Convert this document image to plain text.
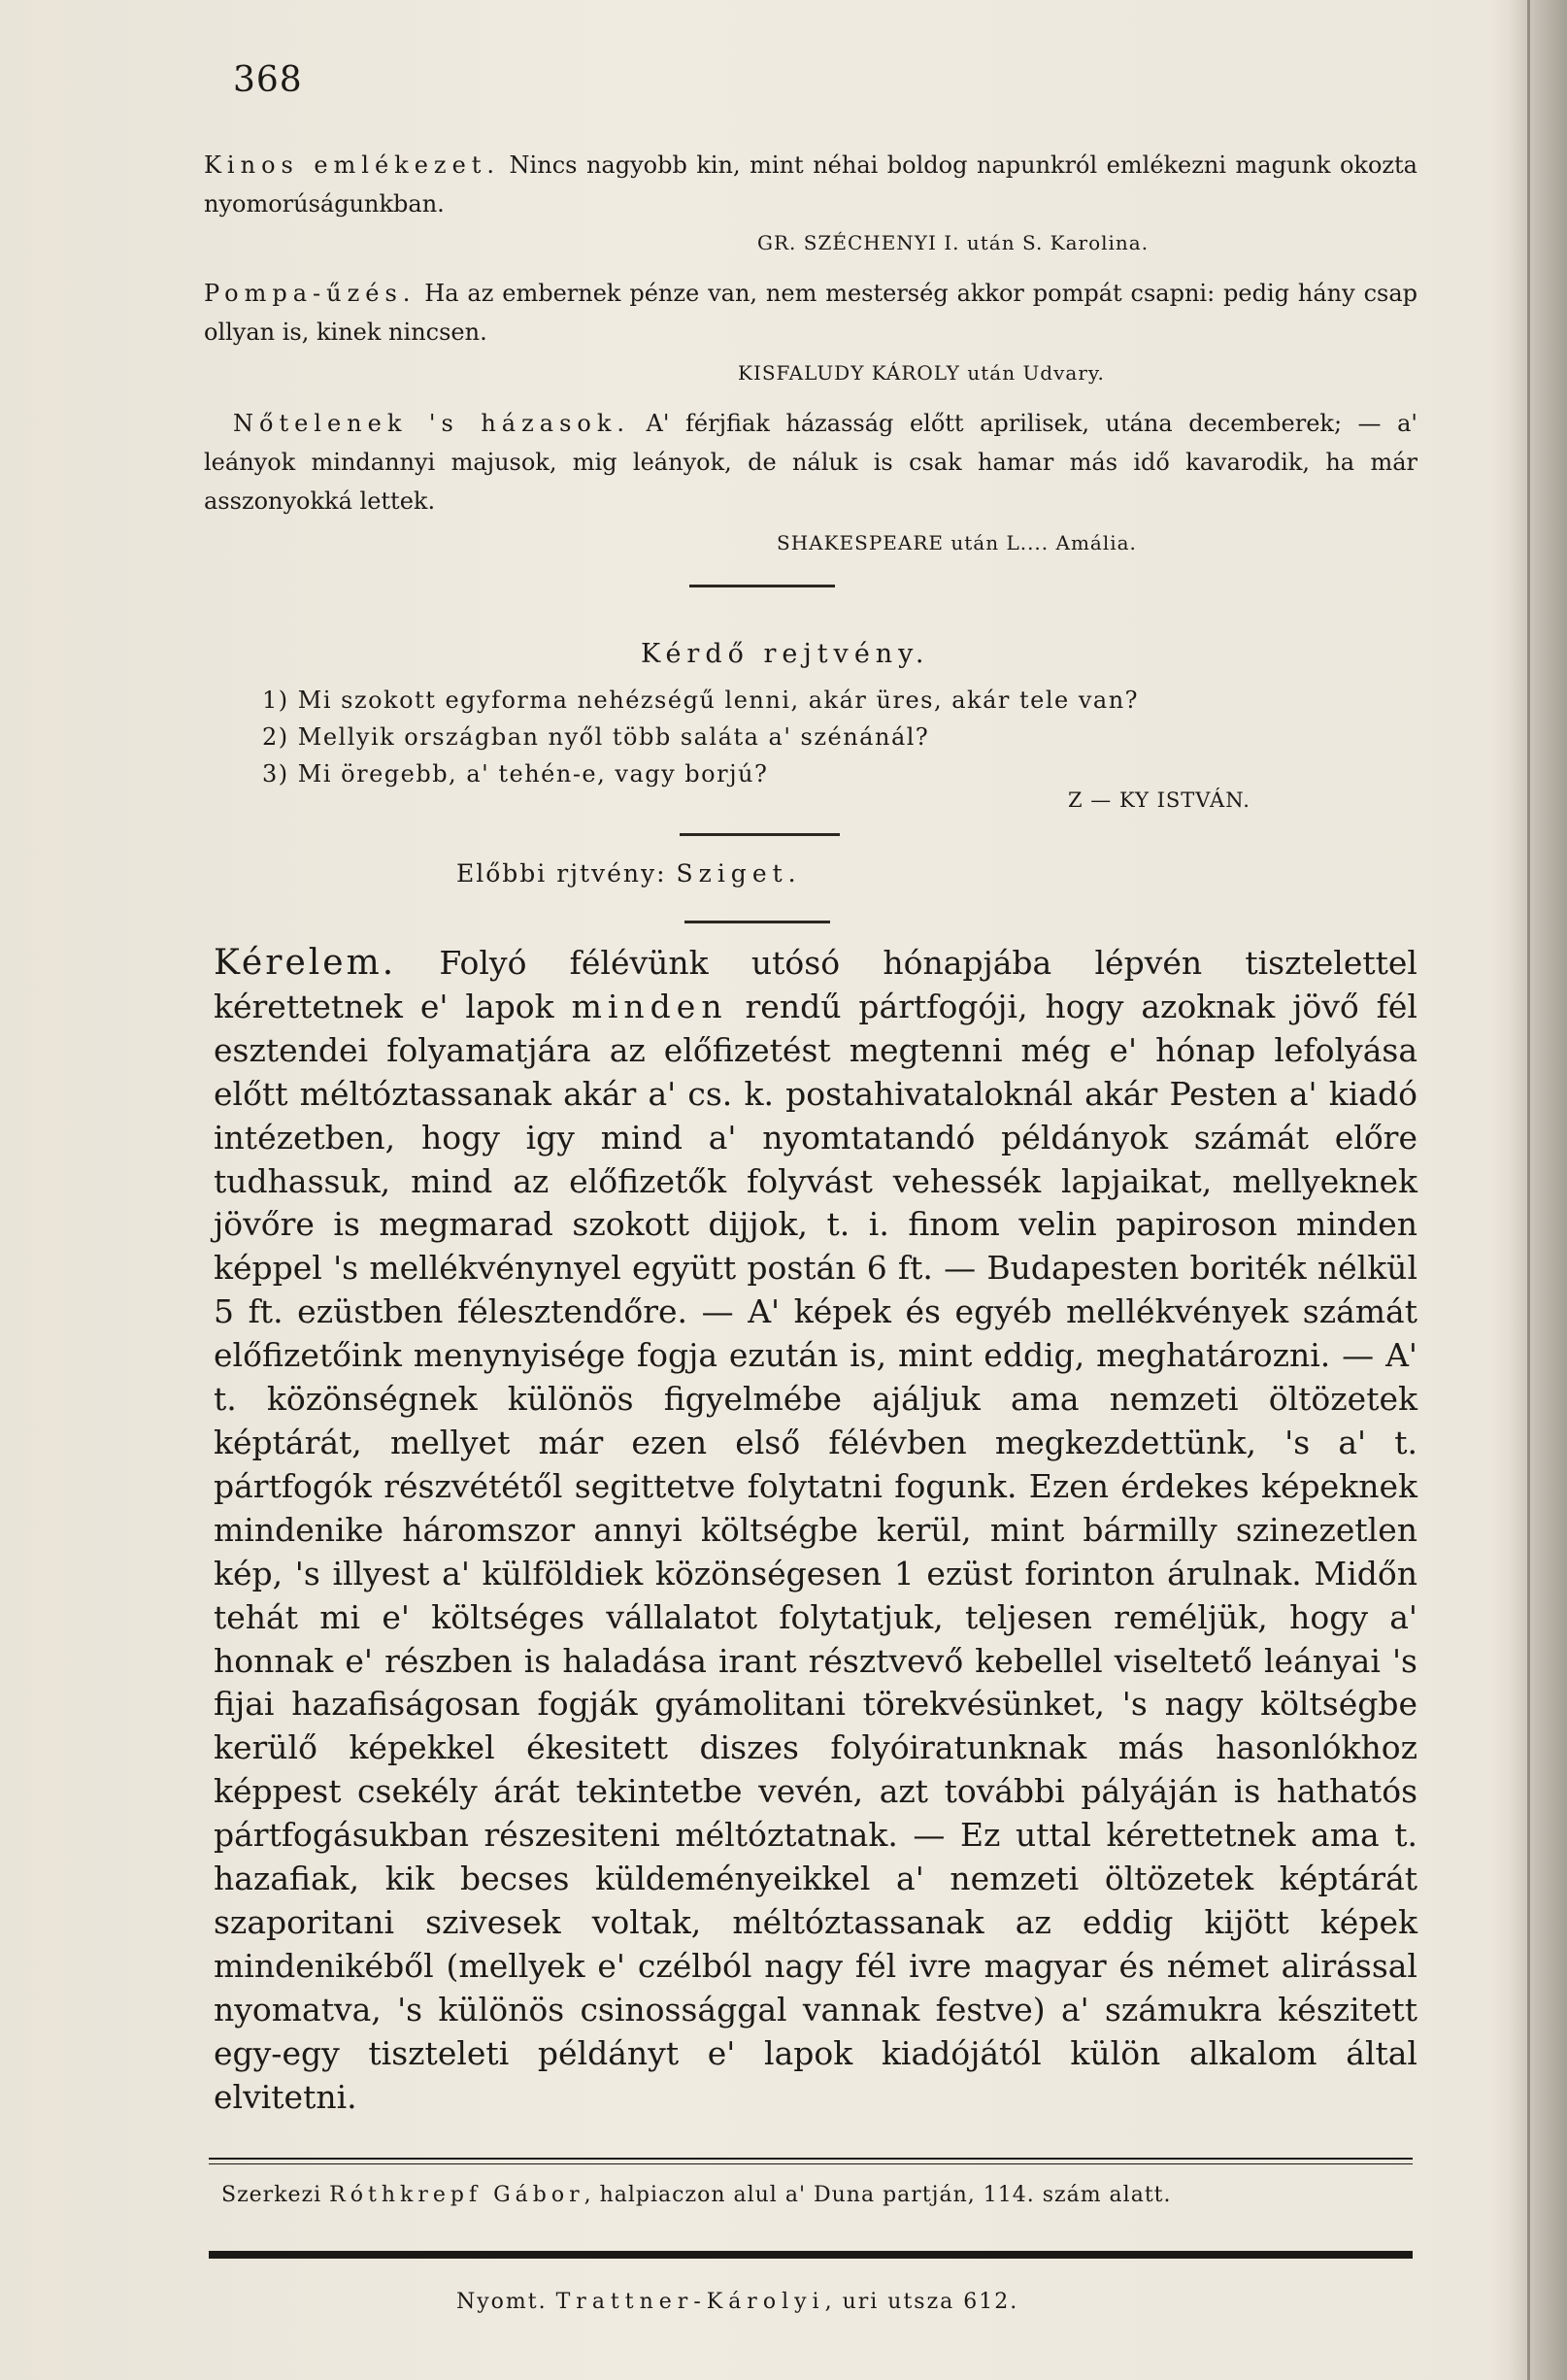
368

Kinos emlékezet. Nincs nagyobb kin, mint néhai boldog napunkról emlékezni magunk okozta nyomorúságunkban.

GR. SZÉCHENYI I. után S. Karolina.

Pompa-űzés. Ha az embernek pénze van, nem mesterség akkor pompát csapni: pedig hány csap ollyan is, kinek nincsen.

KISFALUDY KÁROLY után Udvary.

Nőtelenek 's házasok. A' férjfiak házasság előtt aprilisek, utána decemberek; — a' leányok mindannyi majusok, mig leányok, de náluk is csak hamar más idő kavarodik, ha már asszonyokká lettek.

SHAKESPEARE után L.... Amália.
Kérdő rejtvény.
1) Mi szokott egyforma nehézségű lenni, akár üres, akár tele van?
2) Mellyik országban nyől több saláta a' szénánál?
3) Mi öregebb, a' tehén-e, vagy borjú?
Z — KY ISTVÁN.
Előbbi rjtvény: Sziget.
Kérelem. Folyó félévünk utósó hónapjába lépvén tisztelettel kérettetnek e' lapok minden rendű pártfogóji, hogy azoknak jövő fél esztendei folyamatjára az előfizetést megtenni még e' hónap lefolyása előtt méltóztassanak akár a' cs. k. postahivataloknál akár Pesten a' kiadó intézetben, hogy igy mind a' nyomtatandó példányok számát előre tudhassuk, mind az előfizetők folyvást vehessék lapjaikat, mellyeknek jövőre is megmarad szokott dijjok, t. i. finom velin papiroson minden képpel 's mellékvénynyel együtt postán 6 ft. — Budapesten boriték nélkül 5 ft. ezüstben félesztendőre. — A' képek és egyéb mellékvények számát előfizetőink menynyisége fogja ezután is, mint eddig, meghatározni. — A' t. közönségnek különös figyelmébe ajáljuk ama nemzeti öltözetek képtárát, mellyet már ezen első félévben megkezdettünk, 's a' t. pártfogók részvététől segittetve folytatni fogunk. Ezen érdekes képeknek mindenike háromszor annyi költségbe kerül, mint bármilly szinezetlen kép, 's illyest a' külföldiek közönségesen 1 ezüst forinton árulnak. Midőn tehát mi e' költséges vállalatot folytatjuk, teljesen reméljük, hogy a' honnak e' részben is haladása irant résztvevő kebellel viseltető leányai 's fijai hazafiságosan fogják gyámolitani törekvésünket, 's nagy költségbe kerülő képekkel ékesitett diszes folyóiratunknak más hasonlókhoz képpest csekély árát tekintetbe vevén, azt további pályáján is hathatós pártfogásukban részesiteni méltóztatnak. — Ez uttal kérettetnek ama t. hazafiak, kik becses küldeményeikkel a' nemzeti öltözetek képtárát szaporitani szivesek voltak, méltóztassanak az eddig kijött képek mindenikéből (mellyek e' czélból nagy fél ivre magyar és német alirással nyomatva, 's különös csinossággal vannak festve) a' számukra készitett egy-egy tiszteleti példányt e' lapok kiadójától külön alkalom által elvitetni.
Szerkezi Róthkrepf Gábor, halpiaczon alul a' Duna partján, 114. szám alatt.
Nyomt. Trattner-Károlyi, uri utsza 612.
